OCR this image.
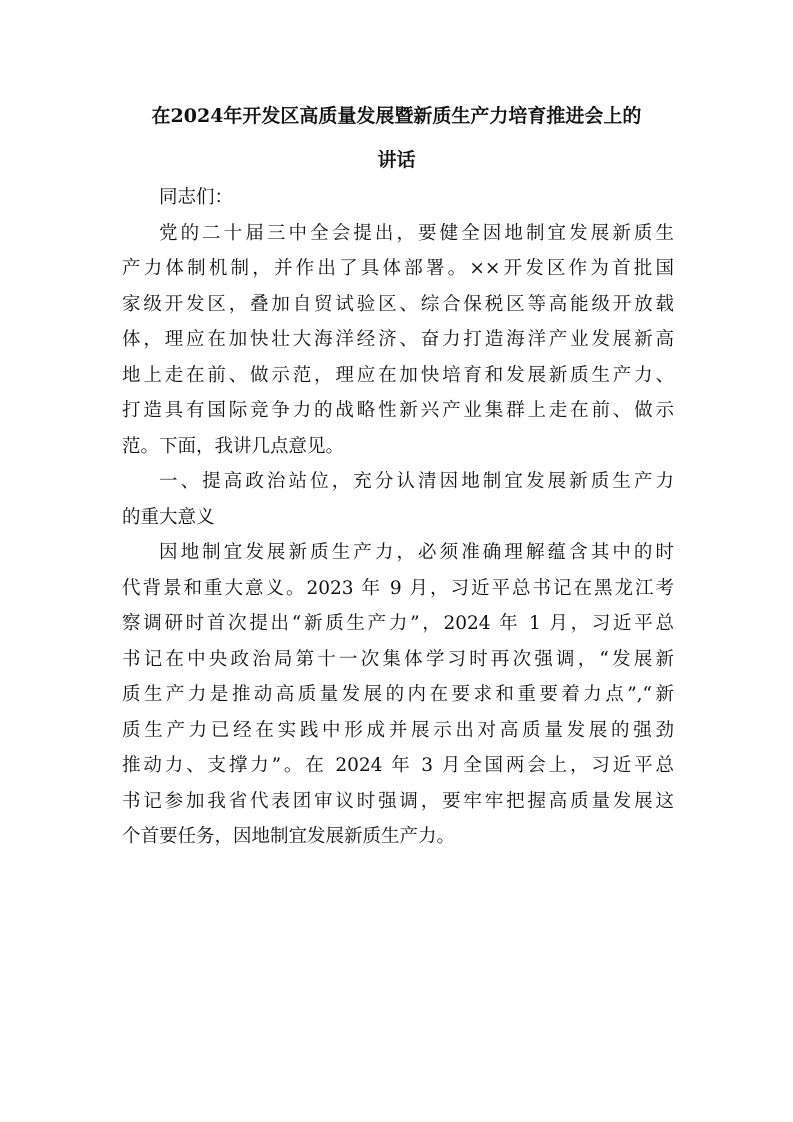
在2024年开发区高质量发展暨新质生产力培育推进会上的
讲话
同志们：
党的二十届三中全会提出，要健全因地制宜发展新质生
产力体制机制，并作出了具体部署。××开发区作为首批国
家级开发区，叠加自贸试验区、综合保税区等高能级开放载
体，理应在加快壮大海洋经济、奋力打造海洋产业发展新高
地上走在前、做示范，理应在加快培育和发展新质生产力、
打造具有国际竞争力的战略性新兴产业集群上走在前、做示
范。下面，我讲几点意见。
一、提高政治站位，充分认清因地制宜发展新质生产力
的重大意义
因地制宜发展新质生产力，必须准确理解蕴含其中的时
代背景和重大意义。2023 年 9 月，习近平总书记在黑龙江考
察调研时首次提出“新质生产力”，2024 年 1 月，习近平总
书记在中央政治局第十一次集体学习时再次强调，“发展新
质生产力是推动高质量发展的内在要求和重要着力点”,“新
质生产力已经在实践中形成并展示出对高质量发展的强劲
推动力、支撑力”。在 2024 年 3 月全国两会上，习近平总
书记参加我省代表团审议时强调，要牢牢把握高质量发展这
个首要任务，因地制宜发展新质生产力。
